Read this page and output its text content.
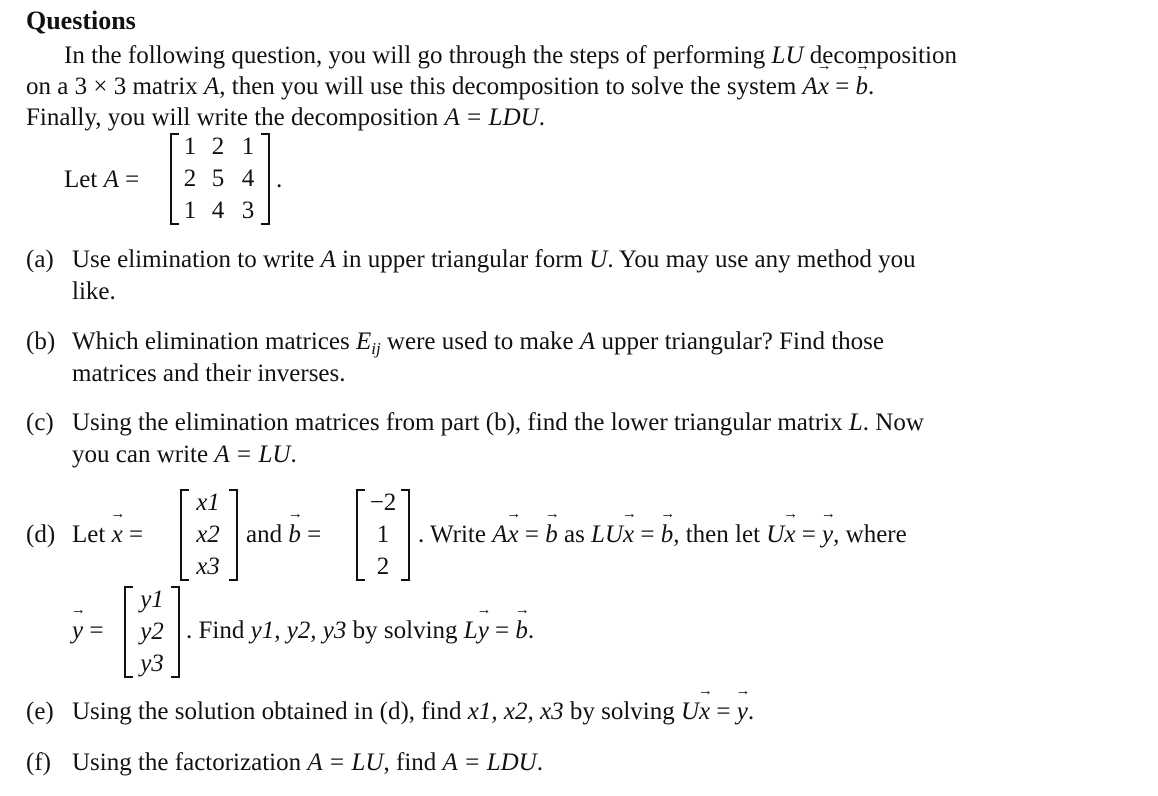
Questions
In the following question, you will go through the steps of performing LU decomposition
on a 3 × 3 matrix A, then you will use this decomposition to solve the system A→ x = → b.
Finally, you will write the decomposition A = LDU.
Let A =
1 2 1
2 5 4
1 4 3
.
(a) Use elimination to write A in upper triangular form U. You may use any method you
like.
(b) Which elimination matrices $E_{ij}$ were used to make A upper triangular? Find those
matrices and their inverses.
(c) Using the elimination matrices from part (b), find the lower triangular matrix L. Now
you can write A = LU.
(d) Let → x =
x1
x2
x3
and → b =
−2
1
2
. Write A→ x = → b as LU→ x = → b, then let U→ x = → y, where
→ y =
y1
y2
y3
. Find y1, y2, y3 by solving L→ y = → b.
(e) Using the solution obtained in (d), find x1, x2, x3 by solving U→ x = → y.
(f) Using the factorization A = LU, find A = LDU.
